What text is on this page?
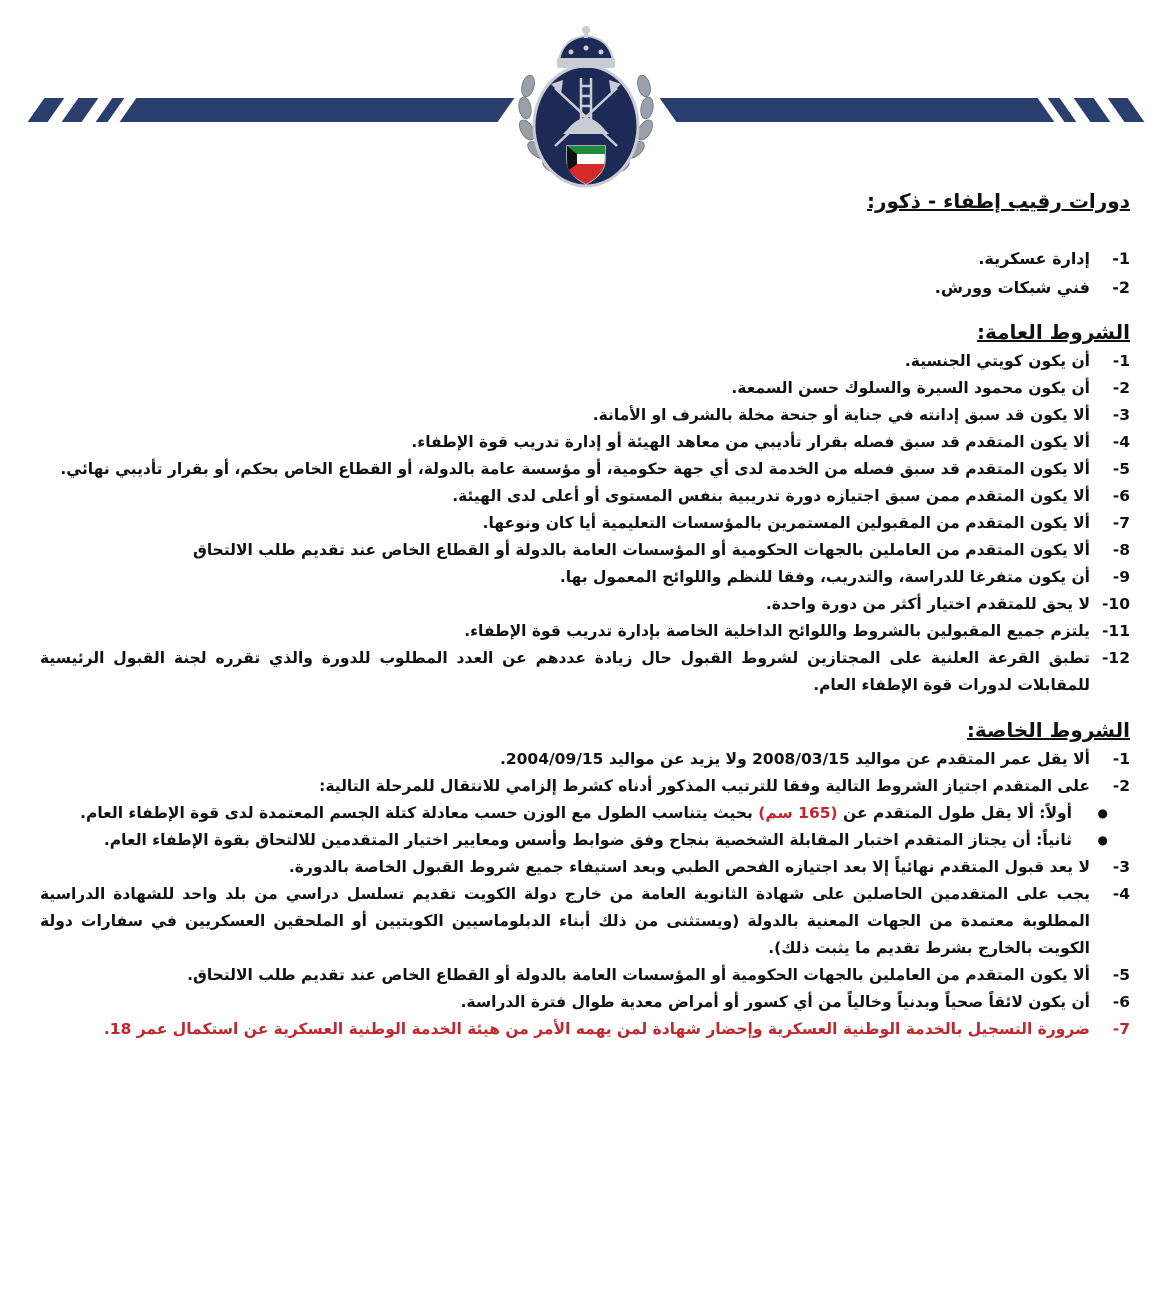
دورات رقيب إطفاء - ذكور:
-1
إدارة عسكرية.
-2
فني شبكات وورش.
الشروط العامة:
-1
أن يكون كويتي الجنسية.
-2
أن يكون محمود السيرة والسلوك حسن السمعة.
-3
ألا يكون قد سبق إدانته في جناية أو جنحة مخلة بالشرف او الأمانة.
-4
ألا يكون المتقدم قد سبق فصله بقرار تأديبي من معاهد الهيئة أو إدارة تدريب قوة الإطفاء.
-5
ألا يكون المتقدم قد سبق فصله من الخدمة لدى أي جهة حكومية، أو مؤسسة عامة بالدولة، أو القطاع الخاص بحكم، أو بقرار تأديبي نهائي.
-6
ألا يكون المتقدم ممن سبق اجتيازه دورة تدريبية بنفس المستوى أو أعلى لدى الهيئة.
-7
ألا يكون المتقدم من المقبولين المستمرين بالمؤسسات التعليمية أيا كان ونوعها.
-8
ألا يكون المتقدم من العاملين بالجهات الحكومية أو المؤسسات العامة بالدولة أو القطاع الخاص عند تقديم طلب الالتحاق
-9
أن يكون متفرغا للدراسة، والتدريب، وفقا للنظم واللوائح المعمول بها.
-10
لا يحق للمتقدم اختيار أكثر من دورة واحدة.
-11
يلتزم جميع المقبولين بالشروط واللوائح الداخلية الخاصة بإدارة تدريب قوة الإطفاء.
-12
تطبق القرعة العلنية على المجتازين لشروط القبول حال زيادة عددهم عن العدد المطلوب للدورة والذي تقرره لجنة القبول الرئيسية للمقابلات لدورات قوة الإطفاء العام.
الشروط الخاصة:
-1
ألا يقل عمر المتقدم عن مواليد 2008/03/15 ولا يزيد عن مواليد 2004/09/15.
-2
على المتقدم اجتياز الشروط التالية وفقا للترتيب المذكور أدناه كشرط إلزامي للانتقال للمرحلة التالية:
● أولاً: ألا يقل طول المتقدم عن (165 سم) بحيث يتناسب الطول مع الوزن حسب معادلة كتلة الجسم المعتمدة لدى قوة الإطفاء العام.
● ثانياً: أن يجتاز المتقدم اختبار المقابلة الشخصية بنجاح وفق ضوابط وأسس ومعايير اختيار المتقدمين للالتحاق بقوة الإطفاء العام.
-3
لا يعد قبول المتقدم نهائياً إلا بعد اجتيازه الفحص الطبي وبعد استيفاء جميع شروط القبول الخاصة بالدورة.
-4
يجب على المتقدمين الحاصلين على شهادة الثانوية العامة من خارج دولة الكويت تقديم تسلسل دراسي من بلد واحد للشهادة الدراسية المطلوبة معتمدة من الجهات المعنية بالدولة (ويستثنى من ذلك أبناء الدبلوماسيين الكويتيين أو الملحقين العسكريين في سفارات دولة الكويت بالخارج بشرط تقديم ما يثبت ذلك).
-5
ألا يكون المتقدم من العاملين بالجهات الحكومية أو المؤسسات العامة بالدولة أو القطاع الخاص عند تقديم طلب الالتحاق.
-6
أن يكون لائقاً صحياً وبدنياً وخالياً من أي كسور أو أمراض معدية طوال فترة الدراسة.
-7
ضرورة التسجيل بالخدمة الوطنية العسكرية وإحضار شهادة لمن يهمه الأمر من هيئة الخدمة الوطنية العسكرية عن استكمال عمر 18.
